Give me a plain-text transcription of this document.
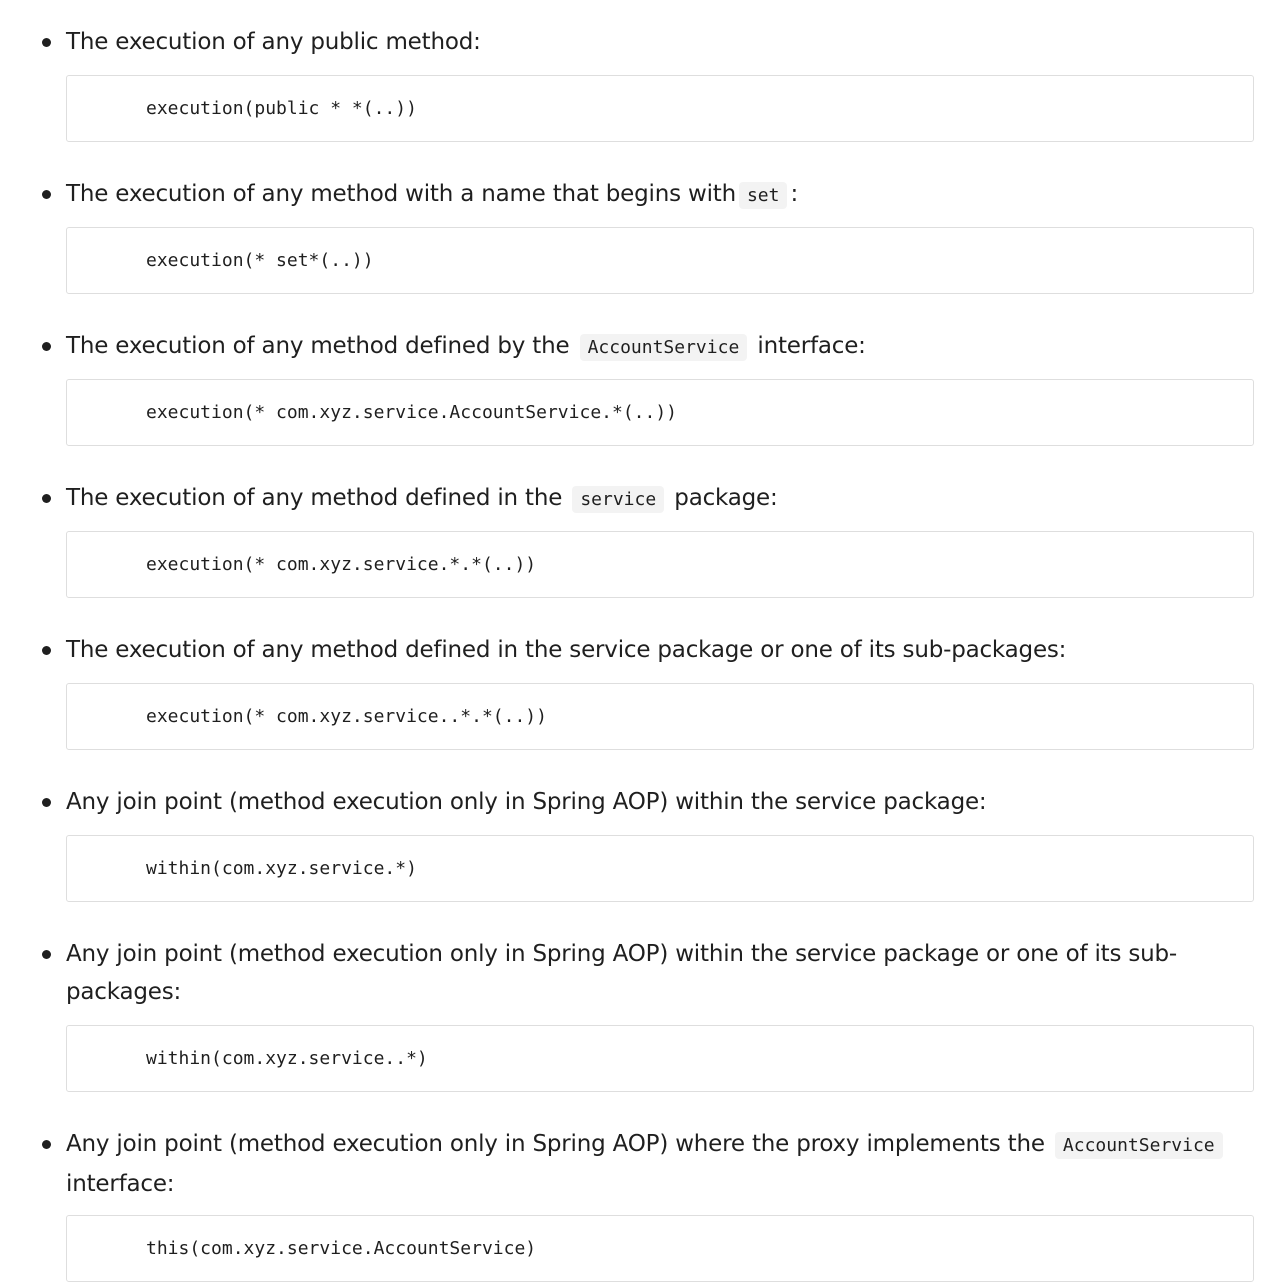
The execution of any public method:
execution(public * *(..))
The execution of any method with a name that begins with set :
execution(* set*(..))
The execution of any method defined by the AccountService interface:
execution(* com.xyz.service.AccountService.*(..))
The execution of any method defined in the service package:
execution(* com.xyz.service.*.*(..))
The execution of any method defined in the service package or one of its sub-packages:
execution(* com.xyz.service..*.*(..))
Any join point (method execution only in Spring AOP) within the service package:
within(com.xyz.service.*)
Any join point (method execution only in Spring AOP) within the service package or one of its sub-packages:
within(com.xyz.service..*)
Any join point (method execution only in Spring AOP) where the proxy implements the AccountService interface:
this(com.xyz.service.AccountService)
